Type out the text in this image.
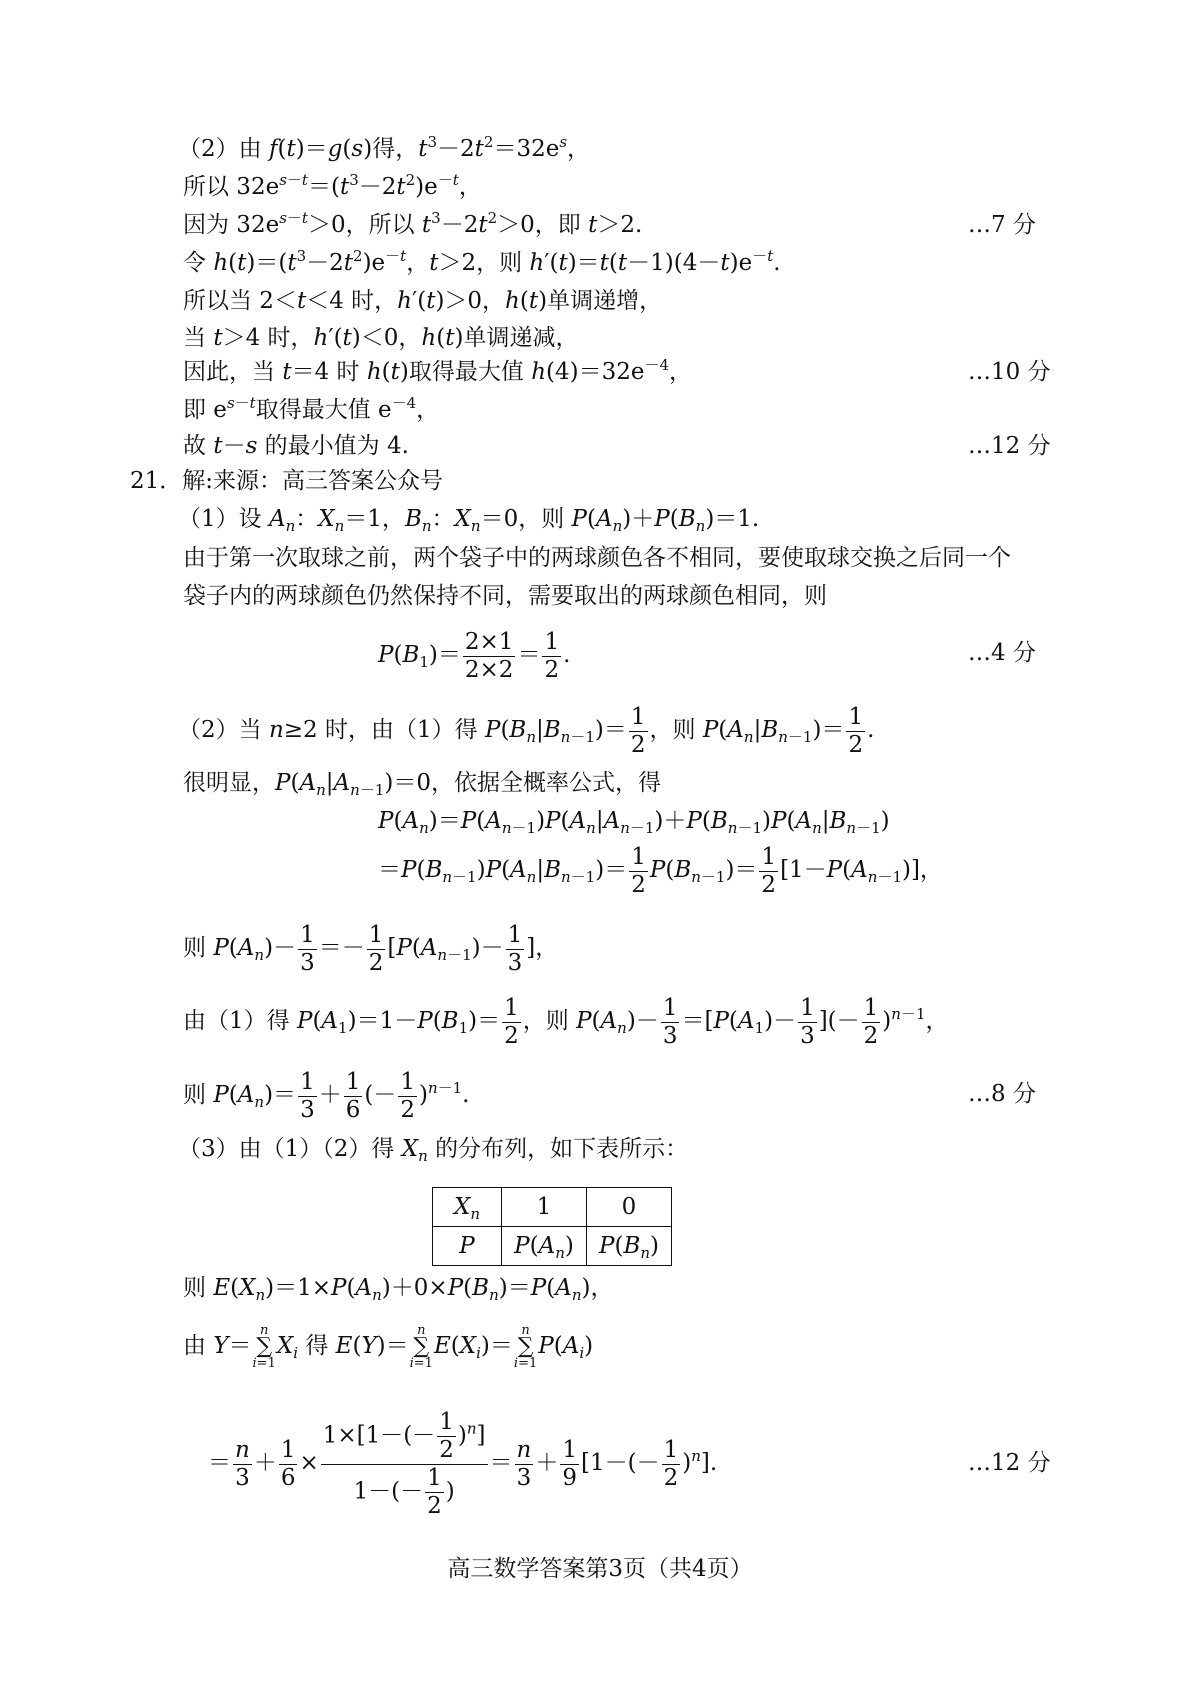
（2）由 f(t)＝g(s)得，$t^3-2t^2=32e^s$，
所以 $32e^{s-t}=(t^3-2t^2)e^{-t}$，
因为 $32e^{s-t}>0$，所以 $t^3-2t^2>0$，即 t＞2.	…7 分
令 $h(t)=(t^3-2t^2)e^{-t}$，t＞2，则 $h'(t)=t(t-1)(4-t)e^{-t}$.
所以当 2＜t＜4 时，h′(t)＞0，h(t)单调递增，
当 t＞4 时，h′(t)＜0，h(t)单调递减，
因此，当 t＝4 时 h(t)取得最大值 $h(4)=32e^{-4}$，	…10 分
即 $e^{s-t}$取得最大值 $e^{-4}$，
故 t－s 的最小值为 4.	…12 分
21．解:来源：高三答案公众号
（1）设 $A_n$：$X_n=1$，$B_n$：$X_n=0$，则 $P(A_n)+P(B_n)=1$.
由于第一次取球之前，两个袋子中的两球颜色各不相同，要使取球交换之后同一个
袋子内的两球颜色仍然保持不同，需要取出的两球颜色相同，则
$P(B_1)= \frac{2\times 1}{2\times 2} = \frac{1}{2}$ .	…4 分
（2）当 n≥2 时，由（1）得 $P(B_n|B_{n-1})= \frac{1}{2}$ ，则 $P(A_n|B_{n-1})= \frac{1}{2}$ .
很明显，$P(A_n|A_{n-1})=0$，依据全概率公式，得
$P(A_n)=P(A_{n-1})P(A_n|A_{n-1})+P(B_{n-1})P(A_n|B_{n-1})$
$=P(B_{n-1})P(A_n|B_{n-1})= \frac{1}{2} P(B_{n-1})= \frac{1}{2} [1-P(A_{n-1})]$，
则 $P(A_n)- \frac{1}{3} =- \frac{1}{2} [P(A_{n-1})- \frac{1}{3}$ ]，
由（1）得 $P(A_1)=1-P(B_1)= \frac{1}{2}$ ，则 $P(A_n)- \frac{1}{3} =[P(A_1)- \frac{1}{3}$ ](－ $\frac{1}{2} )^{n-1}$，
则 $P(A_n)= \frac{1}{3} + \frac{1}{6}$ (－ $\frac{1}{2} )^{n-1}$.	…8 分
（3）由（1）（2）得 $X_n$ 的分布列，如下表所示：
$X_n$	1	0
P	$P(A_n)$	$P(B_n)$
则 $E(X_n)=1\times P(A_n)+0\times P(B_n)=P(A_n)$，
由 Y＝
n
∑
i=1
$X_i$ 得 E(Y)＝
n
∑
i=1
$E(X_i)=$
n
∑
i=1
$P(A_i)$
＝ $\frac{n}{3} + \frac{1}{6} \times \frac{1\times[1-(- \frac{1}{2} )^n]}{1-(- \frac{1}{2} )} = \frac{n}{3} + \frac{1}{9} [1-(- \frac{1}{2} )^n]$.	…12 分
高三数学答案第3页（共4页）
